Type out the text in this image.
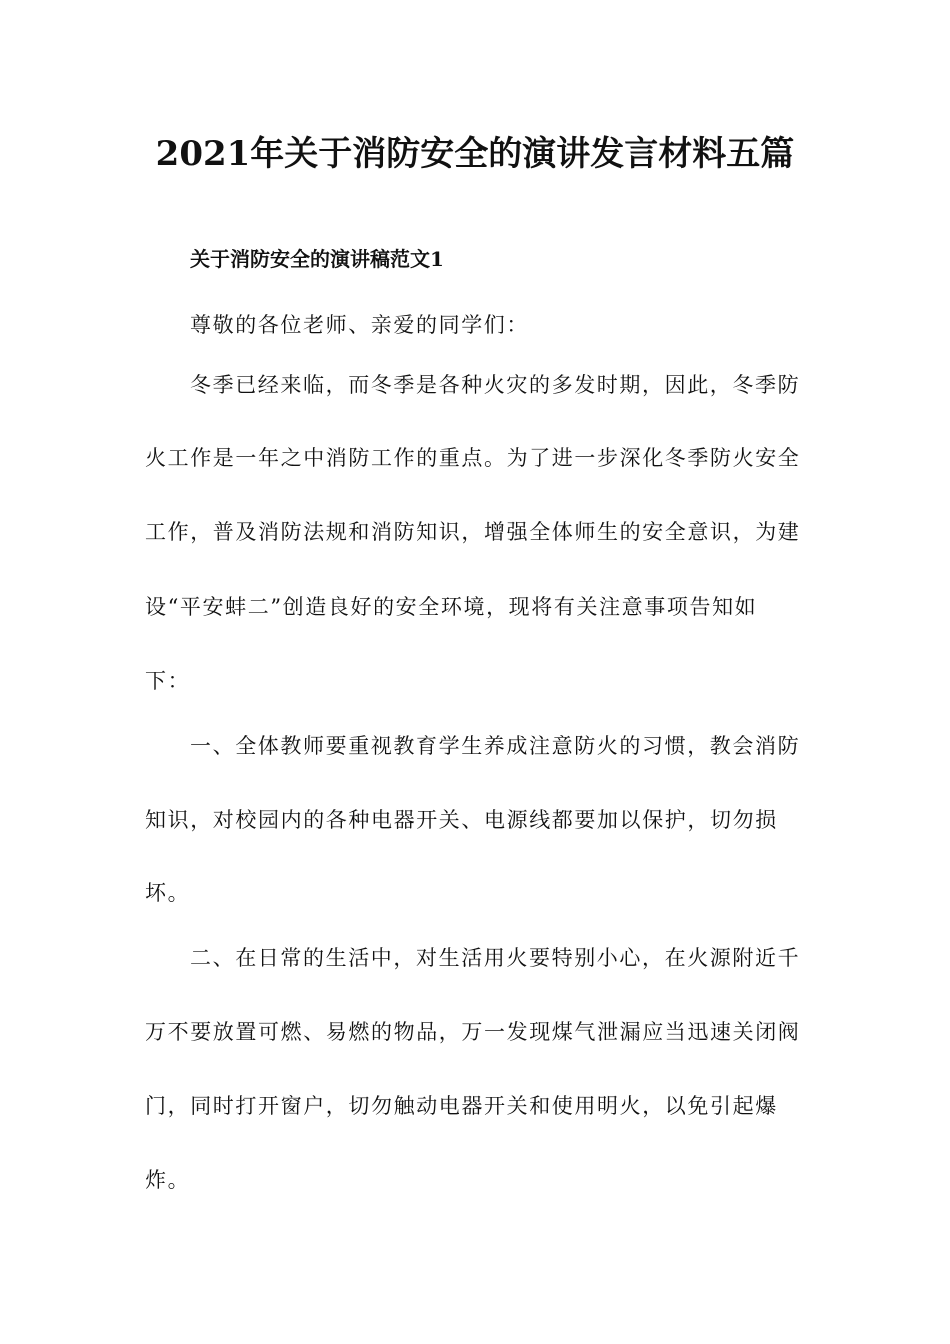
2021年关于消防安全的演讲发言材料五篇
关于消防安全的演讲稿范文1
尊敬的各位老师、亲爱的同学们：
冬季已经来临，而冬季是各种火灾的多发时期，因此，冬季防
火工作是一年之中消防工作的重点。为了进一步深化冬季防火安全
工作，普及消防法规和消防知识，增强全体师生的安全意识，为建
设“平安蚌二”创造良好的安全环境，现将有关注意事项告知如
下：
一、全体教师要重视教育学生养成注意防火的习惯，教会消防
知识，对校园内的各种电器开关、电源线都要加以保护，切勿损
坏。
二、在日常的生活中，对生活用火要特别小心，在火源附近千
万不要放置可燃、易燃的物品，万一发现煤气泄漏应当迅速关闭阀
门，同时打开窗户，切勿触动电器开关和使用明火，以免引起爆
炸。
